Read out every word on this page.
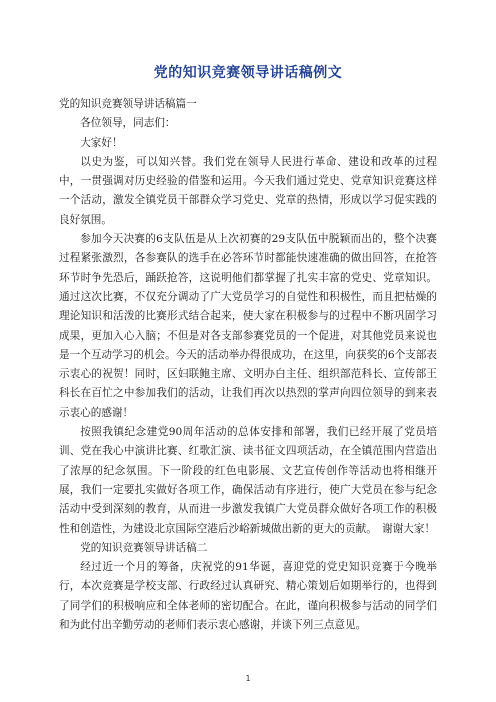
党的知识竞赛领导讲话稿例文

党的知识竞赛领导讲话稿篇一

各位领导，同志们：

大家好！

以史为鉴，可以知兴替。我们党在领导人民进行革命、建设和改革的过程中，一贯强调对历史经验的借鉴和运用。今天我们通过党史、党章知识竞赛这样一个活动，激发全镇党员干部群众学习党史、党章的热情，形成以学习促实践的良好氛围。

参加今天决赛的6支队伍是从上次初赛的29支队伍中脱颖而出的，整个决赛过程紧张激烈，各参赛队的选手在必答环节时都能快速准确的做出回答，在抢答环节时争先恐后，踊跃抢答，这说明他们都掌握了扎实丰富的党史、党章知识。通过这次比赛，不仅充分调动了广大党员学习的自觉性和积极性，而且把枯燥的理论知识和活泼的比赛形式结合起来，使大家在积极参与的过程中不断巩固学习成果，更加入心入脑；不但是对各支部参赛党员的一个促进，对其他党员来说也是一个互动学习的机会。今天的活动举办得很成功，在这里，向获奖的6个支部表示衷心的祝贺！同时，区妇联鲍主席、文明办白主任、组织部范科长、宣传部王科长在百忙之中参加我们的活动，让我们再次以热烈的掌声向四位领导的到来表示衷心的感谢！

按照我镇纪念建党90周年活动的总体安排和部署，我们已经开展了党员培训、党在我心中演讲比赛、红歌汇演、读书征文四项活动，在全镇范围内营造出了浓厚的纪念氛围。下一阶段的红色电影展、文艺宣传创作等活动也将相继开展，我们一定要扎实做好各项工作，确保活动有序进行，使广大党员在参与纪念活动中受到深刻的教育，从而进一步激发我镇广大党员群众做好各项工作的积极性和创造性，为建设北京国际空港后沙峪新城做出新的更大的贡献。　谢谢大家！

党的知识竞赛领导讲话稿二

经过近一个月的筹备，庆祝党的91华诞，喜迎党的党史知识竞赛于今晚举行，本次竞赛是学校支部、行政经过认真研究、精心策划后如期举行的，也得到了同学们的积极响应和全体老师的密切配合。在此，谨向积极参与活动的同学们和为此付出辛勤劳动的老师们表示衷心感谢，并谈下列三点意见。

1
